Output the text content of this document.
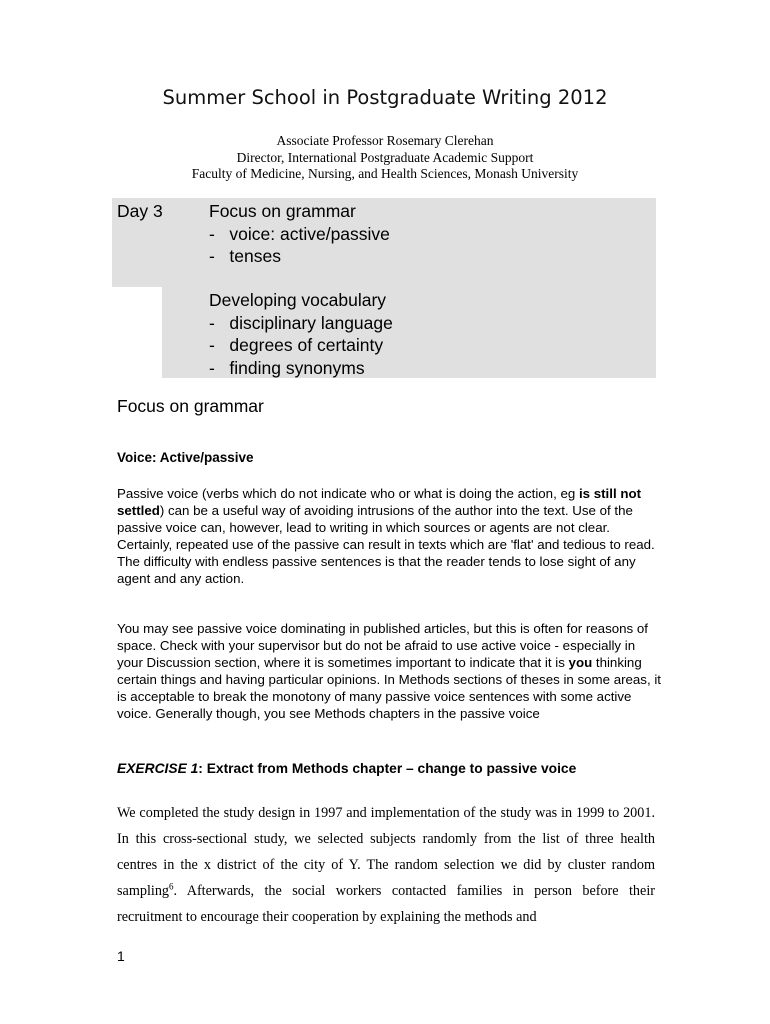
Summer School in Postgraduate Writing 2012
Associate Professor Rosemary Clerehan
Director, International Postgraduate Academic Support
Faculty of Medicine, Nursing, and Health Sciences, Monash University
Day 3	Focus on grammar
-   voice: active/passive
-   tenses
Developing vocabulary
-   disciplinary language
-   degrees of certainty
-   finding synonyms
Focus on grammar
Voice: Active/passive
Passive voice (verbs which do not indicate who or what is doing the action, eg is still not settled) can be a useful way of avoiding intrusions of the author into the text. Use of the passive voice can, however, lead to writing in which sources or agents are not clear. Certainly, repeated use of the passive can result in texts which are 'flat' and tedious to read. The difficulty with endless passive sentences is that the reader tends to lose sight of any agent and any action.
You may see passive voice dominating in published articles, but this is often for reasons of space. Check with your supervisor but do not be afraid to use active voice - especially in your Discussion section, where it is sometimes important to indicate that it is you thinking certain things and having particular opinions. In Methods sections of theses in some areas, it is acceptable to break the monotony of many passive voice sentences with some active voice. Generally though, you see Methods chapters in the passive voice
EXERCISE 1: Extract from Methods chapter – change to passive voice
We completed the study design in 1997 and implementation of the study was in 1999 to 2001. In this cross-sectional study, we selected subjects randomly from the list of three health centres in the x district of the city of Y. The random selection we did by cluster random sampling$^6$. Afterwards, the social workers contacted families in person before their recruitment to encourage their cooperation by explaining the methods and
1
